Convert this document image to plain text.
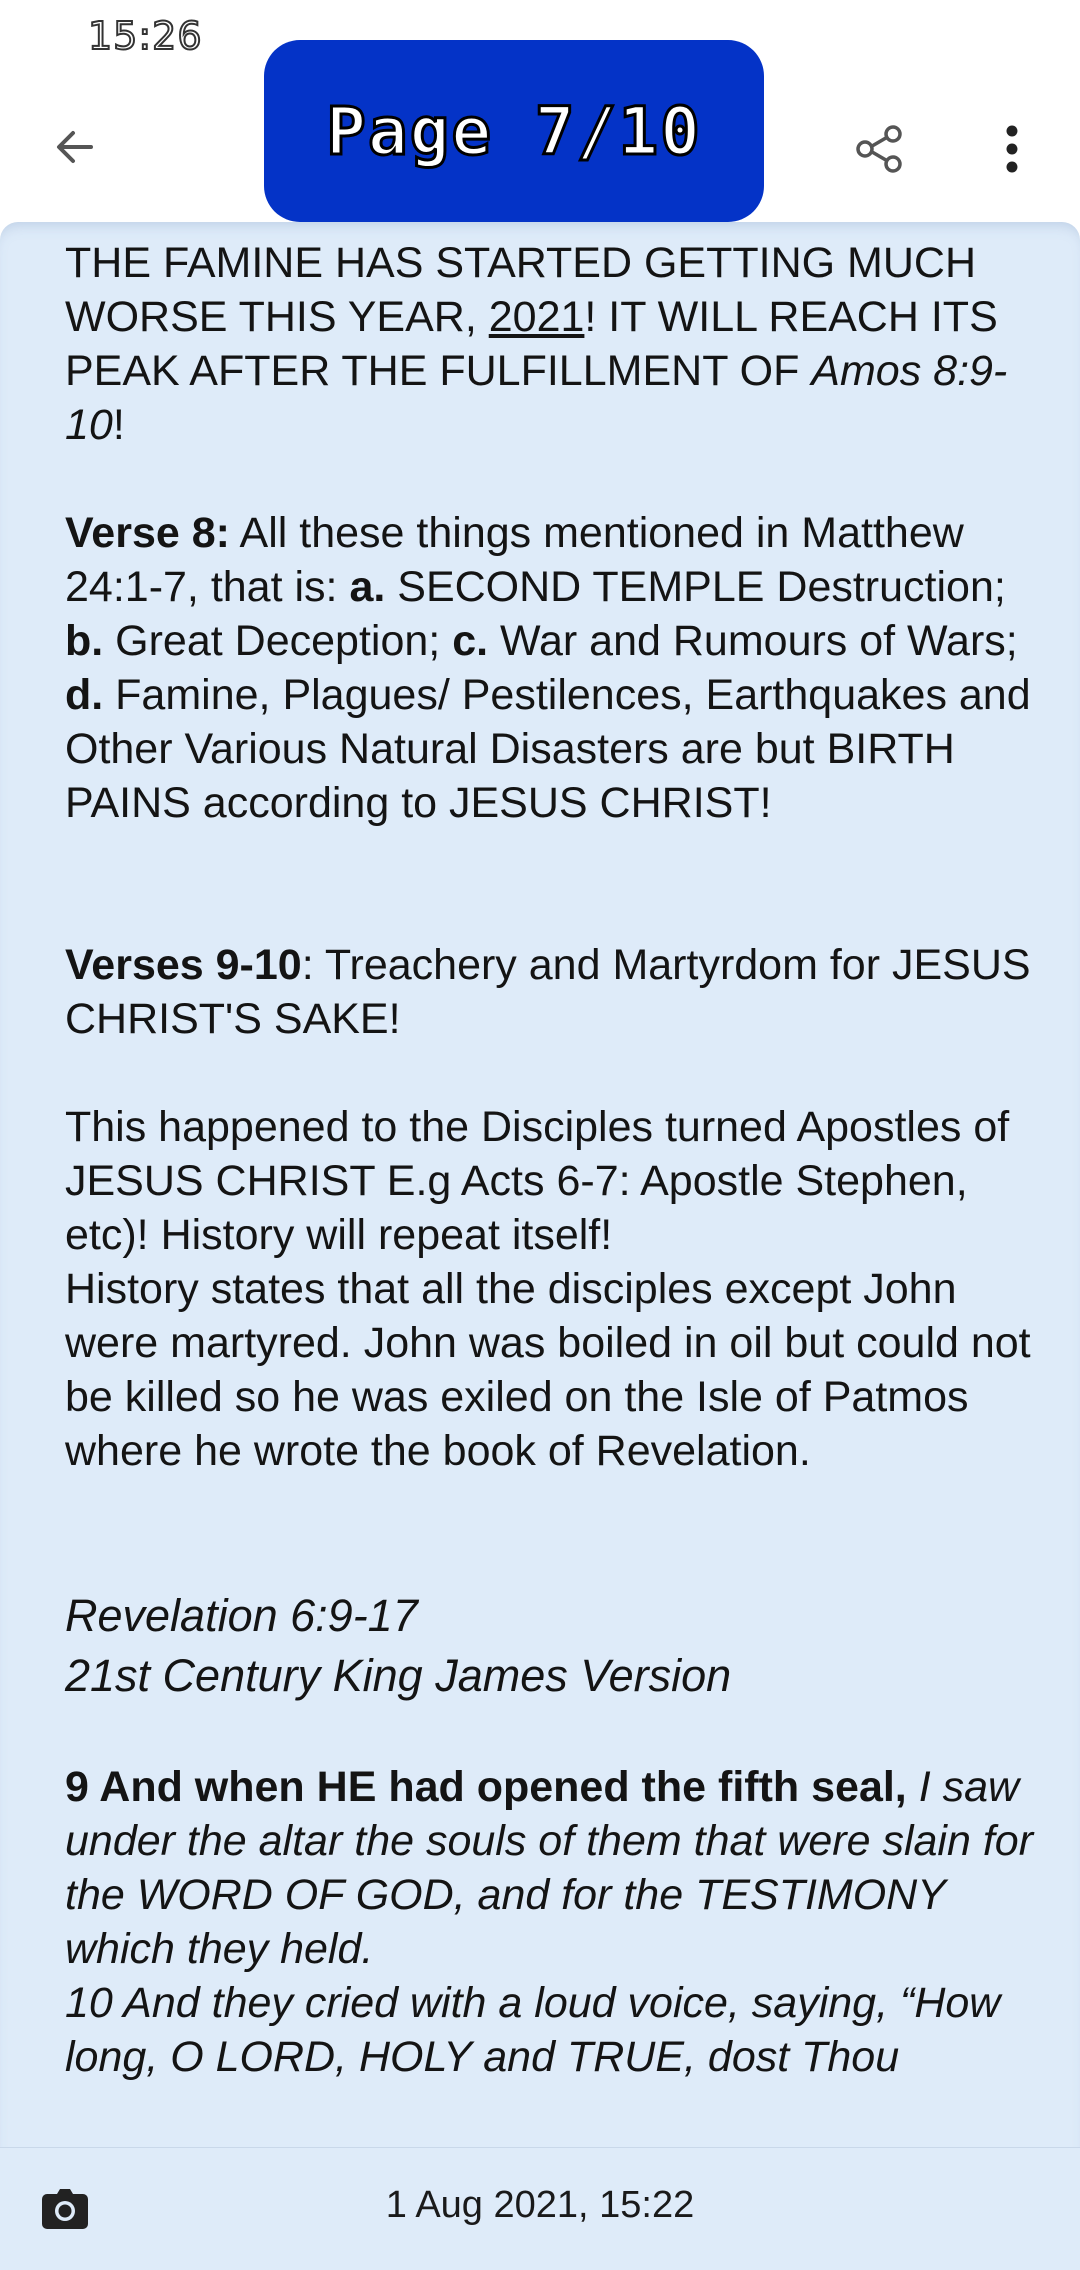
15:26
Page 7/10

THE FAMINE HAS STARTED GETTING MUCH WORSE THIS YEAR, 2021! IT WILL REACH ITS PEAK AFTER THE FULFILLMENT OF Amos 8:9-10!

Verse 8: All these things mentioned in Matthew 24:1-7, that is: a. SECOND TEMPLE Destruction; b. Great Deception; c. War and Rumours of Wars; d. Famine, Plagues/ Pestilences, Earthquakes and Other Various Natural Disasters are but BIRTH PAINS according to JESUS CHRIST!

Verses 9-10: Treachery and Martyrdom for JESUS CHRIST'S SAKE!

This happened to the Disciples turned Apostles of JESUS CHRIST E.g Acts 6-7: Apostle Stephen, etc)! History will repeat itself!

History states that all the disciples except John were martyred. John was boiled in oil but could not be killed so he was exiled on the Isle of Patmos where he wrote the book of Revelation.

Revelation 6:9-17
21st Century King James Version

9 And when HE had opened the fifth seal, I saw under the altar the souls of them that were slain for the WORD OF GOD, and for the TESTIMONY which they held.

10 And they cried with a loud voice, saying, “How long, O LORD, HOLY and TRUE, dost Thou

1 Aug 2021, 15:22
